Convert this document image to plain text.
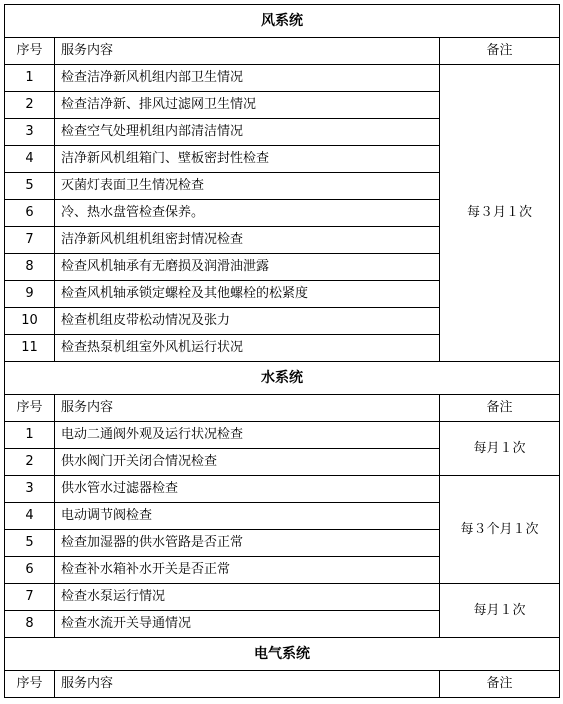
风系统		
序号	服务内容	备注
1	检查洁净新风机组内部卫生情况	每３月１次
2	检查洁净新、排风过滤网卫生情况	
3	检查空气处理机组内部清洁情况	
4	洁净新风机组箱门、壁板密封性检查	
5	灭菌灯表面卫生情况检查	
6	冷、热水盘管检查保养。	
7	洁净新风机组机组密封情况检查	
8	检查风机轴承有无磨损及润滑油泄露	
9	检查风机轴承锁定螺栓及其他螺栓的松紧度	
10	检查机组皮带松动情况及张力	
11	检查热泵机组室外风机运行状况	
水系统		
序号	服务内容	备注
1	电动二通阀外观及运行状况检查	每月１次
2	供水阀门开关闭合情况检查	
3	供水管水过滤器检查	每３个月１次
4	电动调节阀检查	
5	检查加湿器的供水管路是否正常	
6	检查补水箱补水开关是否正常	
7	检查水泵运行情况	每月１次
8	检查水流开关导通情况	
电气系统		
序号	服务内容	备注
